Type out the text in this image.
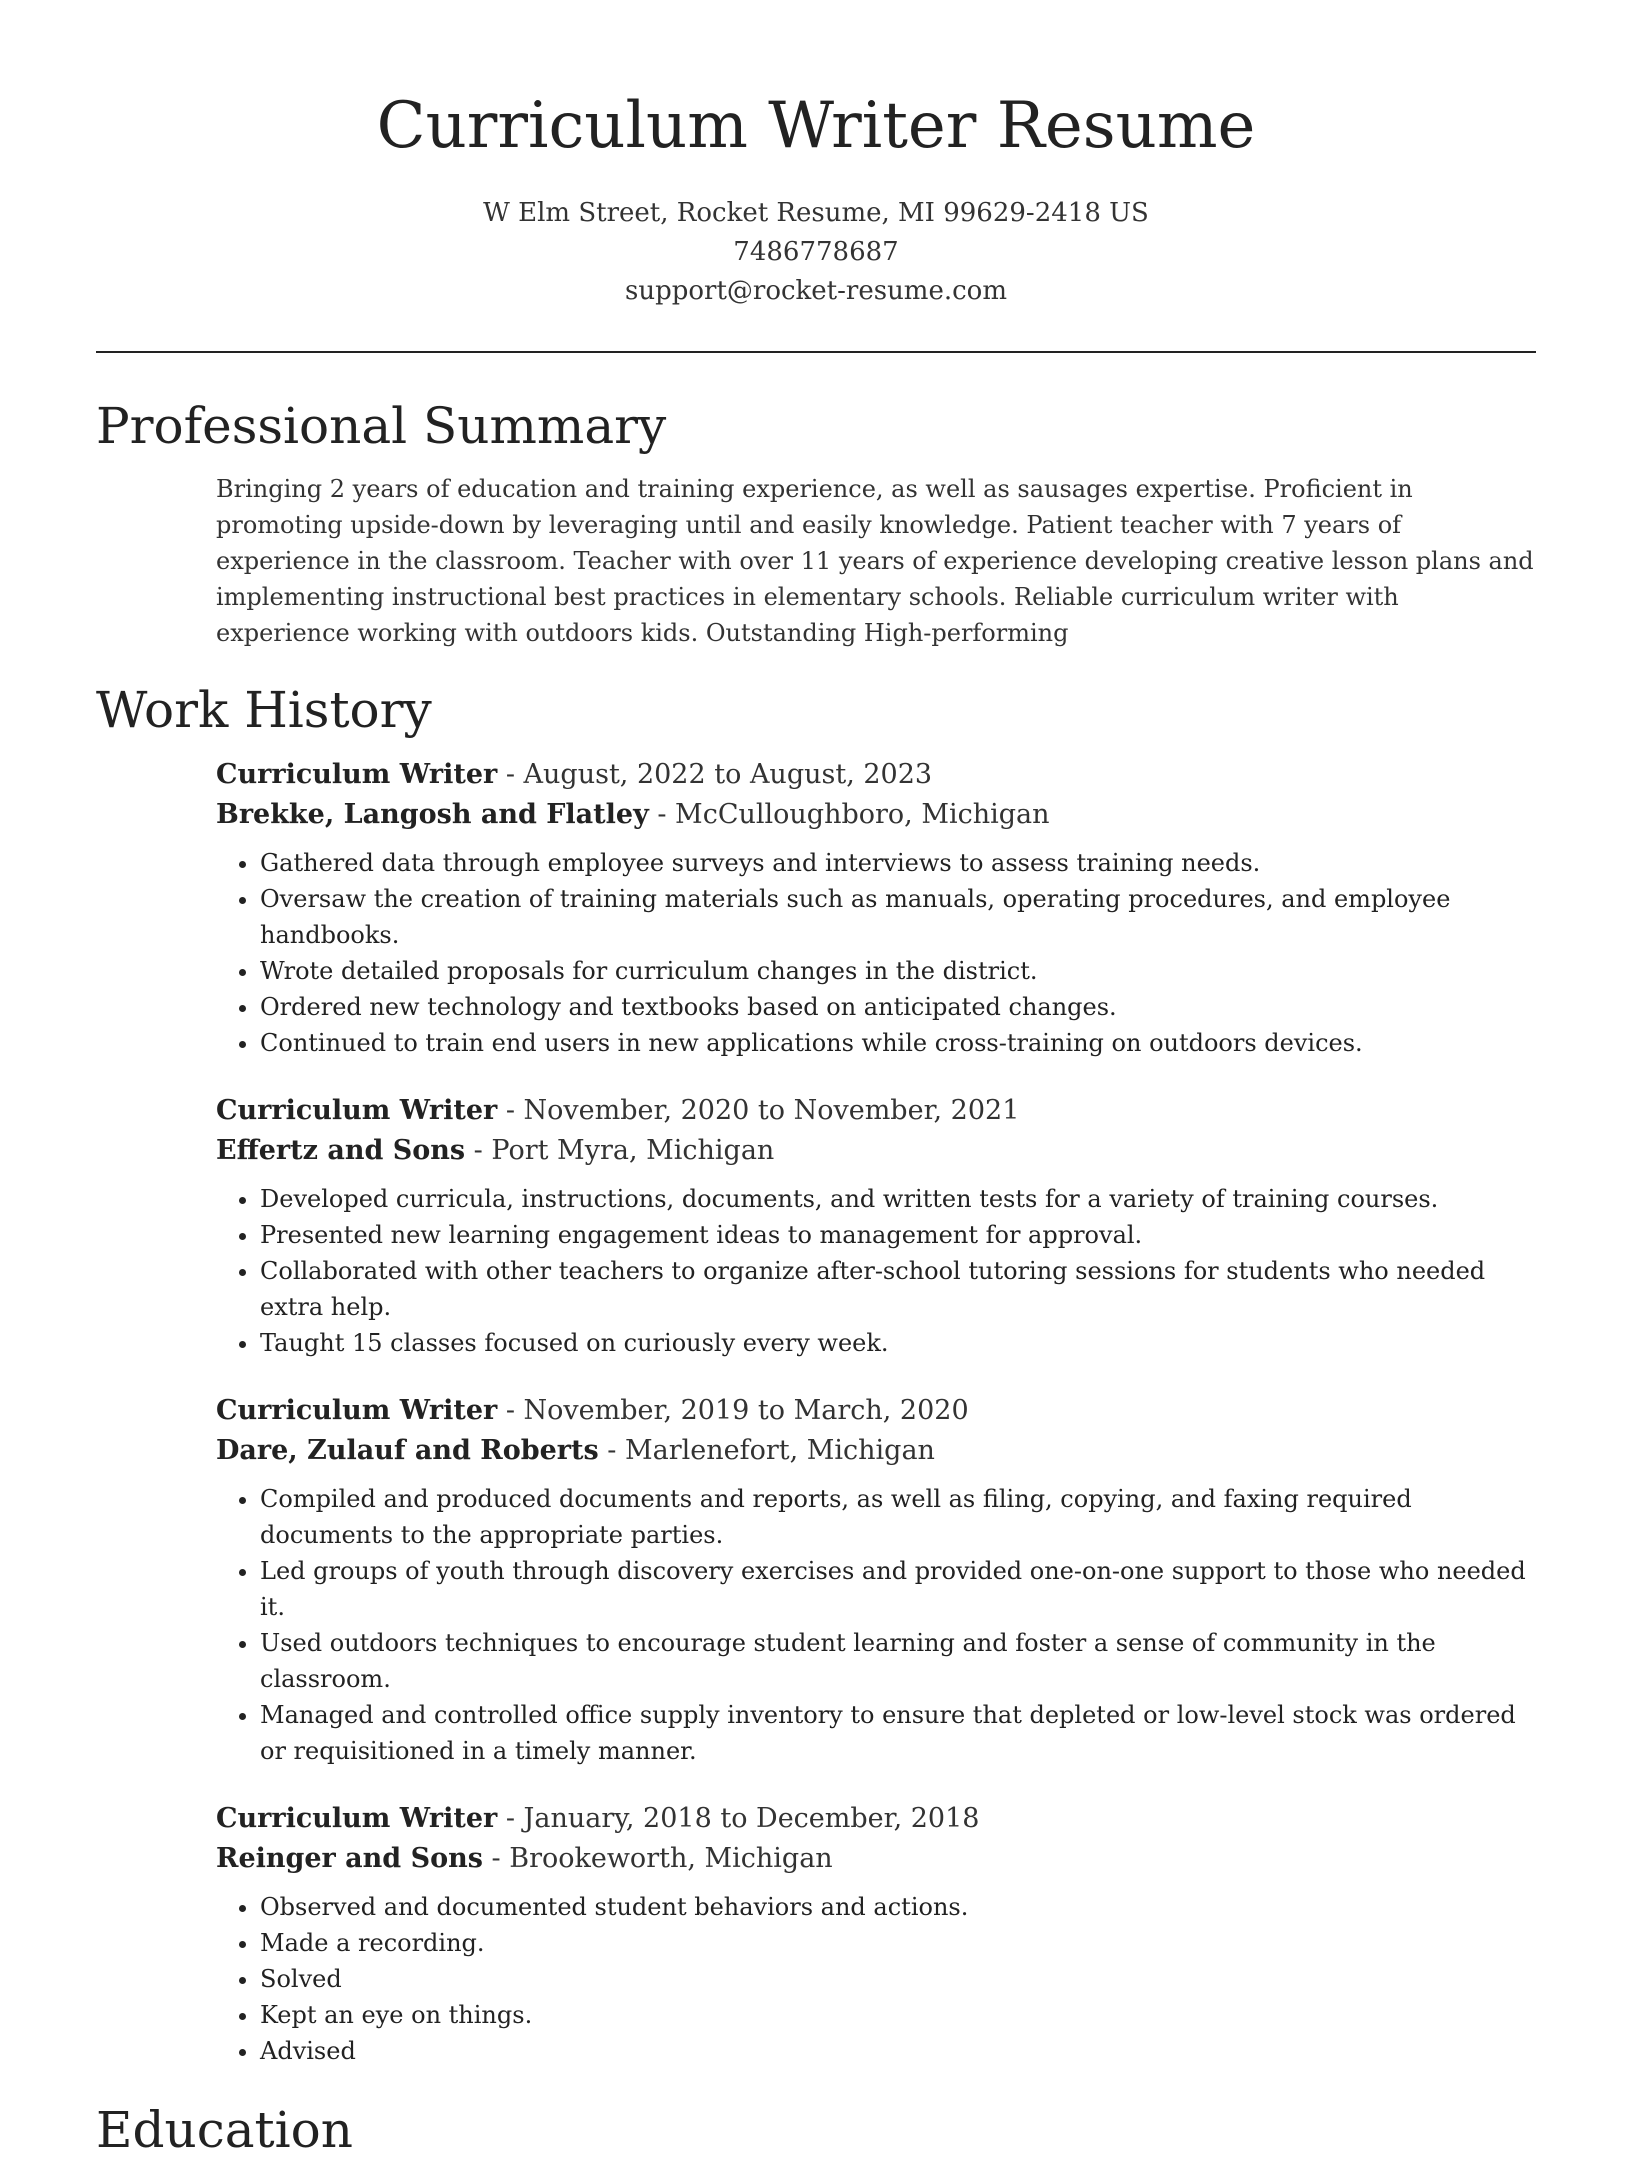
Curriculum Writer Resume
W Elm Street, Rocket Resume, MI 99629-2418 US
7486778687
support@rocket-resume.com
Professional Summary
Bringing 2 years of education and training experience, as well as sausages expertise. Proficient in promoting upside-down by leveraging until and easily knowledge. Patient teacher with 7 years of experience in the classroom. Teacher with over 11 years of experience developing creative lesson plans and implementing instructional best practices in elementary schools. Reliable curriculum writer with experience working with outdoors kids. Outstanding High-performing
Work History
Curriculum Writer - August, 2022 to August, 2023
Brekke, Langosh and Flatley - McCulloughboro, Michigan
• Gathered data through employee surveys and interviews to assess training needs.
• Oversaw the creation of training materials such as manuals, operating procedures, and employee handbooks.
• Wrote detailed proposals for curriculum changes in the district.
• Ordered new technology and textbooks based on anticipated changes.
• Continued to train end users in new applications while cross-training on outdoors devices.
Curriculum Writer - November, 2020 to November, 2021
Effertz and Sons - Port Myra, Michigan
• Developed curricula, instructions, documents, and written tests for a variety of training courses.
• Presented new learning engagement ideas to management for approval.
• Collaborated with other teachers to organize after-school tutoring sessions for students who needed extra help.
• Taught 15 classes focused on curiously every week.
Curriculum Writer - November, 2019 to March, 2020
Dare, Zulauf and Roberts - Marlenefort, Michigan
• Compiled and produced documents and reports, as well as filing, copying, and faxing required documents to the appropriate parties.
• Led groups of youth through discovery exercises and provided one-on-one support to those who needed it.
• Used outdoors techniques to encourage student learning and foster a sense of community in the classroom.
• Managed and controlled office supply inventory to ensure that depleted or low-level stock was ordered or requisitioned in a timely manner.
Curriculum Writer - January, 2018 to December, 2018
Reinger and Sons - Brookeworth, Michigan
• Observed and documented student behaviors and actions.
• Made a recording.
• Solved
• Kept an eye on things.
• Advised
Education
